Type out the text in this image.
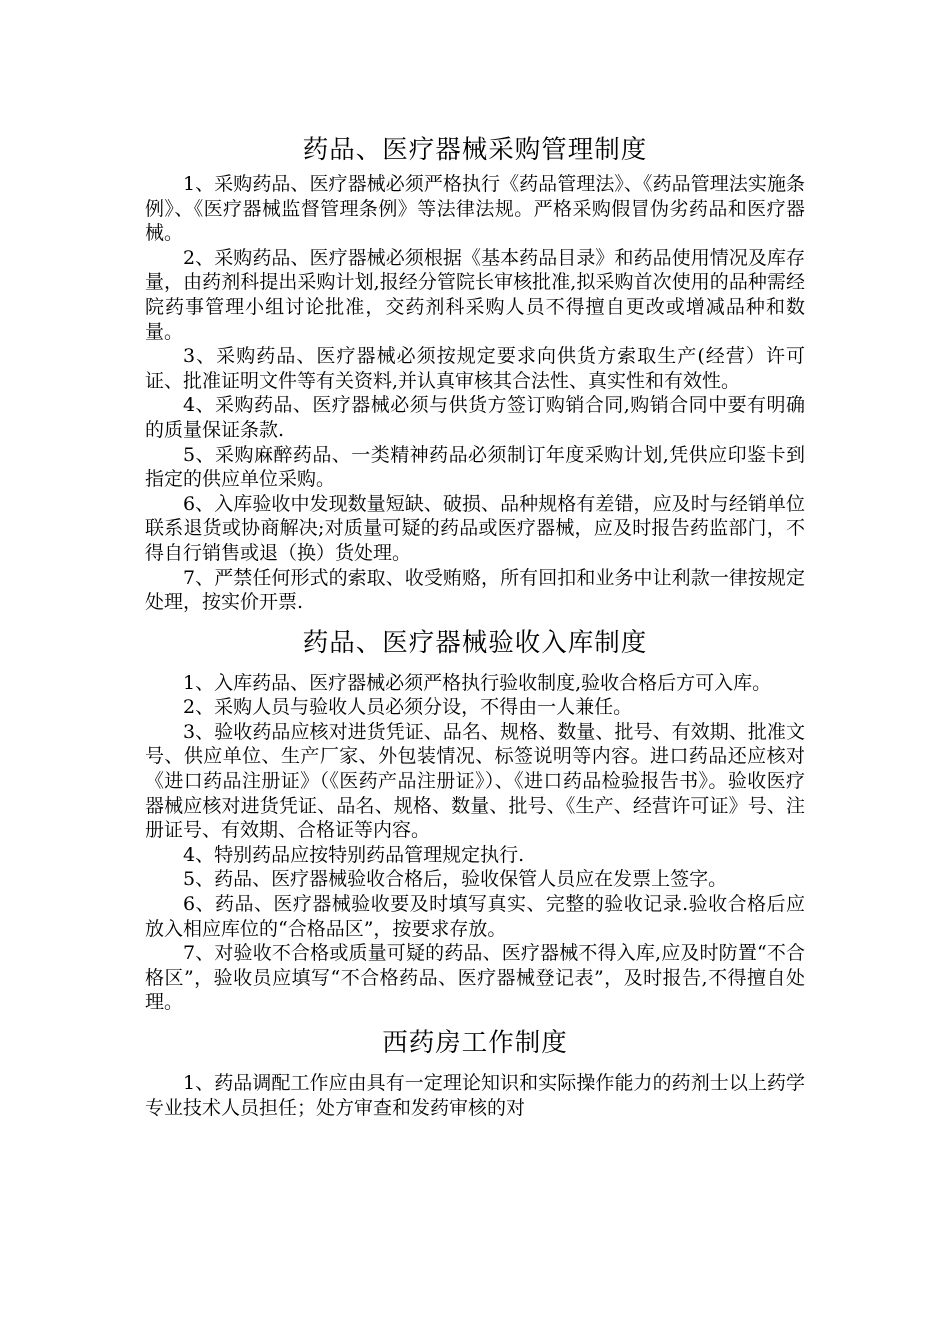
药品、医疗器械采购管理制度

1、采购药品、医疗器械必须严格执行《药品管理法》、《药品管理法实施条例》、《医疗器械监督管理条例》等法律法规。严格采购假冒伪劣药品和医疗器械。

2、采购药品、医疗器械必须根据《基本药品目录》和药品使用情况及库存量，由药剂科提出采购计划,报经分管院长审核批准,拟采购首次使用的品种需经院药事管理小组讨论批准，交药剂科采购人员不得擅自更改或增减品种和数量。

3、采购药品、医疗器械必须按规定要求向供货方索取生产(经营）许可证、批准证明文件等有关资料,并认真审核其合法性、真实性和有效性。

4、采购药品、医疗器械必须与供货方签订购销合同,购销合同中要有明确的质量保证条款.

5、采购麻醉药品、一类精神药品必须制订年度采购计划,凭供应印鉴卡到指定的供应单位采购。

6、入库验收中发现数量短缺、破损、品种规格有差错，应及时与经销单位联系退货或协商解决;对质量可疑的药品或医疗器械，应及时报告药监部门，不得自行销售或退（换）货处理。

7、严禁任何形式的索取、收受贿赂，所有回扣和业务中让利款一律按规定处理，按实价开票.

药品、医疗器械验收入库制度

1、入库药品、医疗器械必须严格执行验收制度,验收合格后方可入库。

2、采购人员与验收人员必须分设，不得由一人兼任。

3、验收药品应核对进货凭证、品名、规格、数量、批号、有效期、批准文号、供应单位、生产厂家、外包装情况、标签说明等内容。进口药品还应核对《进口药品注册证》（《医药产品注册证》）、《进口药品检验报告书》。验收医疗器械应核对进货凭证、品名、规格、数量、批号、《生产、经营许可证》号、注册证号、有效期、合格证等内容。

4、特别药品应按特别药品管理规定执行.

5、药品、医疗器械验收合格后，验收保管人员应在发票上签字。

6、药品、医疗器械验收要及时填写真实、完整的验收记录.验收合格后应放入相应库位的“合格品区”，按要求存放。

7、对验收不合格或质量可疑的药品、医疗器械不得入库,应及时防置“不合格区”，验收员应填写“不合格药品、医疗器械登记表”，及时报告,不得擅自处理。

西药房工作制度

1、药品调配工作应由具有一定理论知识和实际操作能力的药剂士以上药学专业技术人员担任；处方审查和发药审核的对
